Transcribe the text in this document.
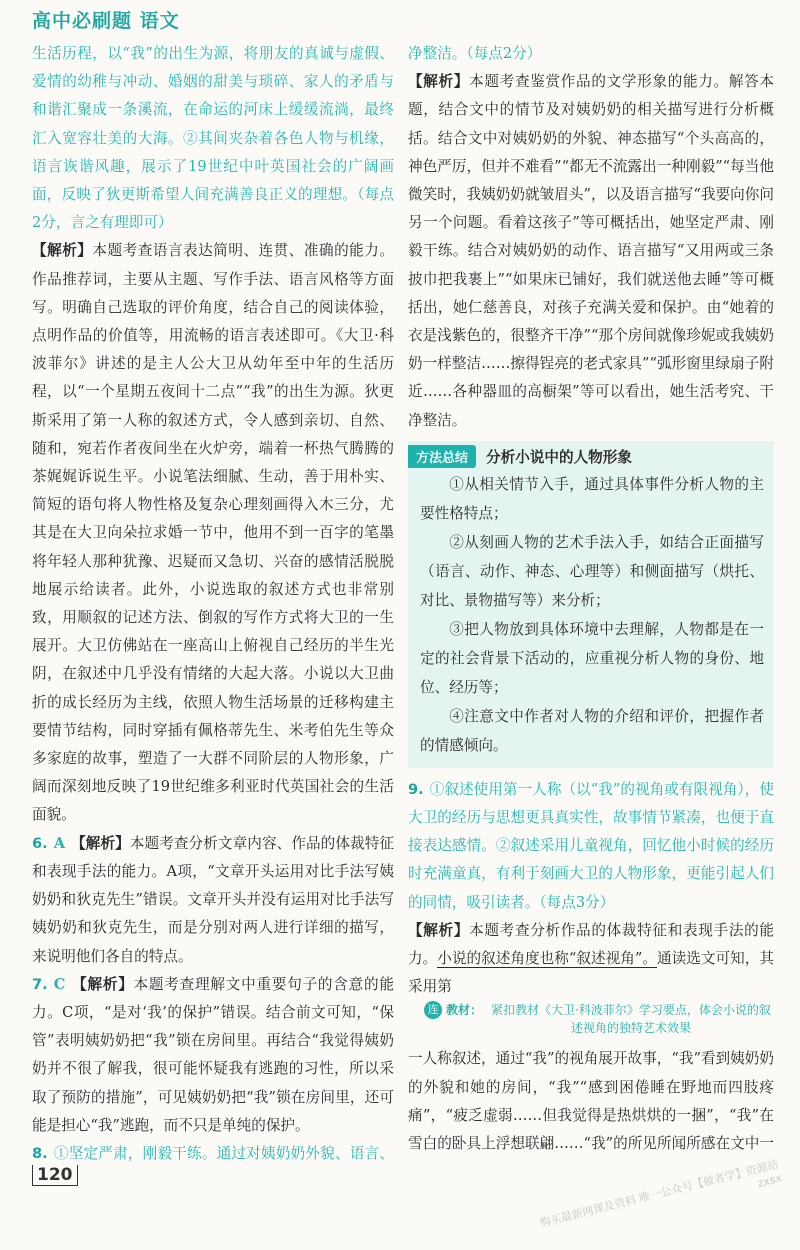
高中必刷题 语文

生活历程，以“我”的出生为源，将朋友的真诚与虚假、爱情的幼稚与冲动、婚姻的甜美与琐碎、家人的矛盾与和谐汇聚成一条溪流，在命运的河床上缓缓流淌，最终汇入宽容壮美的大海。②其间夹杂着各色人物与机缘，语言诙谐风趣，展示了19世纪中叶英国社会的广阔画面，反映了狄更斯希望人间充满善良正义的理想。（每点2分，言之有理即可）

【解析】本题考查语言表达简明、连贯、准确的能力。作品推荐词，主要从主题、写作手法、语言风格等方面写。明确自己选取的评价角度，结合自己的阅读体验，点明作品的价值等，用流畅的语言表述即可。《大卫·科波菲尔》讲述的是主人公大卫从幼年至中年的生活历程，以“一个星期五夜间十二点”“我”的出生为源。狄更斯采用了第一人称的叙述方式，令人感到亲切、自然、随和，宛若作者夜间坐在火炉旁，端着一杯热气腾腾的茶娓娓诉说生平。小说笔法细腻、生动，善于用朴实、简短的语句将人物性格及复杂心理刻画得入木三分，尤其是在大卫向朵拉求婚一节中，他用不到一百字的笔墨将年轻人那种犹豫、迟疑而又急切、兴奋的感情活脱脱地展示给读者。此外，小说选取的叙述方式也非常别致，用顺叙的记述方法、倒叙的写作方式将大卫的一生展开。大卫仿佛站在一座高山上俯视自己经历的半生光阴，在叙述中几乎没有情绪的大起大落。小说以大卫曲折的成长经历为主线，依照人物生活场景的迁移构建主要情节结构，同时穿插有佩格蒂先生、米考伯先生等众多家庭的故事，塑造了一大群不同阶层的人物形象，广阔而深刻地反映了19世纪维多利亚时代英国社会的生活面貌。

6. A 【解析】本题考查分析文章内容、作品的体裁特征和表现手法的能力。A项，“文章开头运用对比手法写姨奶奶和狄克先生”错误。文章开头并没有运用对比手法写姨奶奶和狄克先生，而是分别对两人进行详细的描写，来说明他们各自的特点。

7. C 【解析】本题考查理解文中重要句子的含意的能力。C项，“是对‘我’的保护”错误。结合前文可知，“保管”表明姨奶奶把“我”锁在房间里。再结合“我觉得姨奶奶并不很了解我，很可能怀疑我有逃跑的习性，所以采取了预防的措施”，可见姨奶奶把“我”锁在房间里，还可能是担心“我”逃跑，而不只是单纯的保护。

8. ①坚定严肃，刚毅干练。通过对姨奶奶外貌、语言、

净整洁。（每点2分）

【解析】本题考查鉴赏作品的文学形象的能力。解答本题，结合文中的情节及对姨奶奶的相关描写进行分析概括。结合文中对姨奶奶的外貌、神态描写“个头高高的，神色严厉，但并不难看”“都无不流露出一种刚毅”“每当他微笑时，我姨奶奶就皱眉头”，以及语言描写“我要向你问另一个问题。看着这孩子”等可概括出，她坚定严肃、刚毅干练。结合对姨奶奶的动作、语言描写“又用两或三条披巾把我裹上”“如果床已铺好，我们就送他去睡”等可概括出，她仁慈善良，对孩子充满关爱和保护。由“她着的衣是浅紫色的，很整齐干净”“那个房间就像珍妮或我姨奶奶一样整洁……擦得锃亮的老式家具”“弧形窗里绿扇子附近……各种器皿的高橱架”等可以看出，她生活考究、干净整洁。

方法总结	分析小说中的人物形象

①从相关情节入手，通过具体事件分析人物的主要性格特点；

②从刻画人物的艺术手法入手，如结合正面描写（语言、动作、神态、心理等）和侧面描写（烘托、对比、景物描写等）来分析；

③把人物放到具体环境中去理解，人物都是在一定的社会背景下活动的，应重视分析人物的身份、地位、经历等；

④注意文中作者对人物的介绍和评价，把握作者的情感倾向。

9. ①叙述使用第一人称（以“我”的视角或有限视角），使大卫的经历与思想更具真实性，故事情节紧凑，也便于直接表达感情。②叙述采用儿童视角，回忆他小时候的经历时充满童真，有利于刻画大卫的人物形象，更能引起人们的同情，吸引读者。（每点3分）

【解析】本题考查分析作品的体裁特征和表现手法的能力。小说的叙述角度也称“叙述视角”。通读选文可知，其采用第

连 教材： 紧扣教材《大卫·科波菲尔》学习要点，体会小说的叙述视角的独特艺术效果

一人称叙述，通过“我”的视角展开故事，“我”看到姨奶奶的外貌和她的房间，“我”“感到困倦睡在野地而四肢疼痛”，“疲乏虚弱……但我觉得是热烘烘的一捆”，“我”在雪白的卧具上浮想联翩……“我”的所见所闻所感在文中一

120	购买最新网课及资料 唯一公众号【做者学】资源站 zxsx
